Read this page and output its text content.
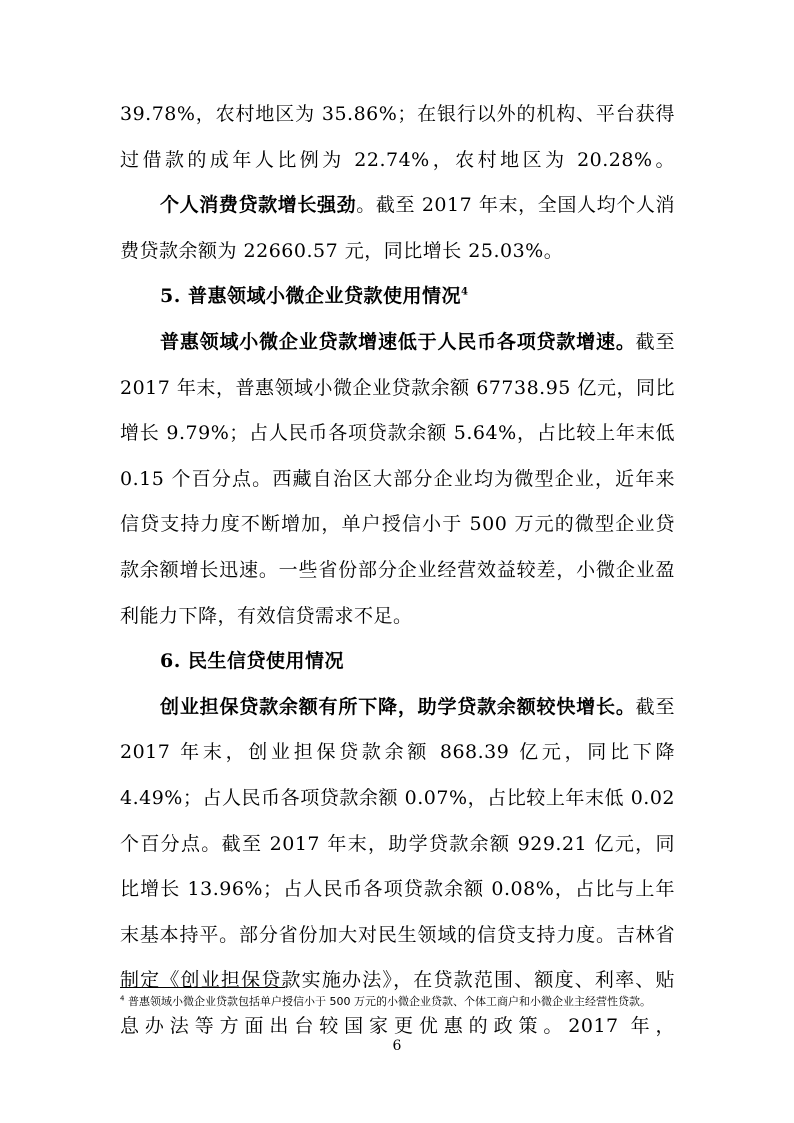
39.78%，农村地区为 35.86%；在银行以外的机构、平台获得过借款的成年人比例为 22.74%，农村地区为 20.28%。

个人消费贷款增长强劲。截至 2017 年末，全国人均个人消费贷款余额为 22660.57 元，同比增长 25.03%。

5. 普惠领域小微企业贷款使用情况$^4$

普惠领域小微企业贷款增速低于人民币各项贷款增速。截至 2017 年末，普惠领域小微企业贷款余额 67738.95 亿元，同比增长 9.79%；占人民币各项贷款余额 5.64%，占比较上年末低 0.15 个百分点。西藏自治区大部分企业均为微型企业，近年来信贷支持力度不断增加，单户授信小于 500 万元的微型企业贷款余额增长迅速。一些省份部分企业经营效益较差，小微企业盈利能力下降，有效信贷需求不足。

6. 民生信贷使用情况

创业担保贷款余额有所下降，助学贷款余额较快增长。截至 2017 年末，创业担保贷款余额 868.39 亿元，同比下降 4.49%；占人民币各项贷款余额 0.07%，占比较上年末低 0.02 个百分点。截至 2017 年末，助学贷款余额 929.21 亿元，同比增长 13.96%；占人民币各项贷款余额 0.08%，占比与上年末基本持平。部分省份加大对民生领域的信贷支持力度。吉林省制定《创业担保贷款实施办法》，在贷款范围、额度、利率、贴息办法等方面出台较国家更优惠的政策。2017 年，

$^4$ 普惠领域小微企业贷款包括单户授信小于 500 万元的小微企业贷款、个体工商户和小微企业主经营性贷款。

6
